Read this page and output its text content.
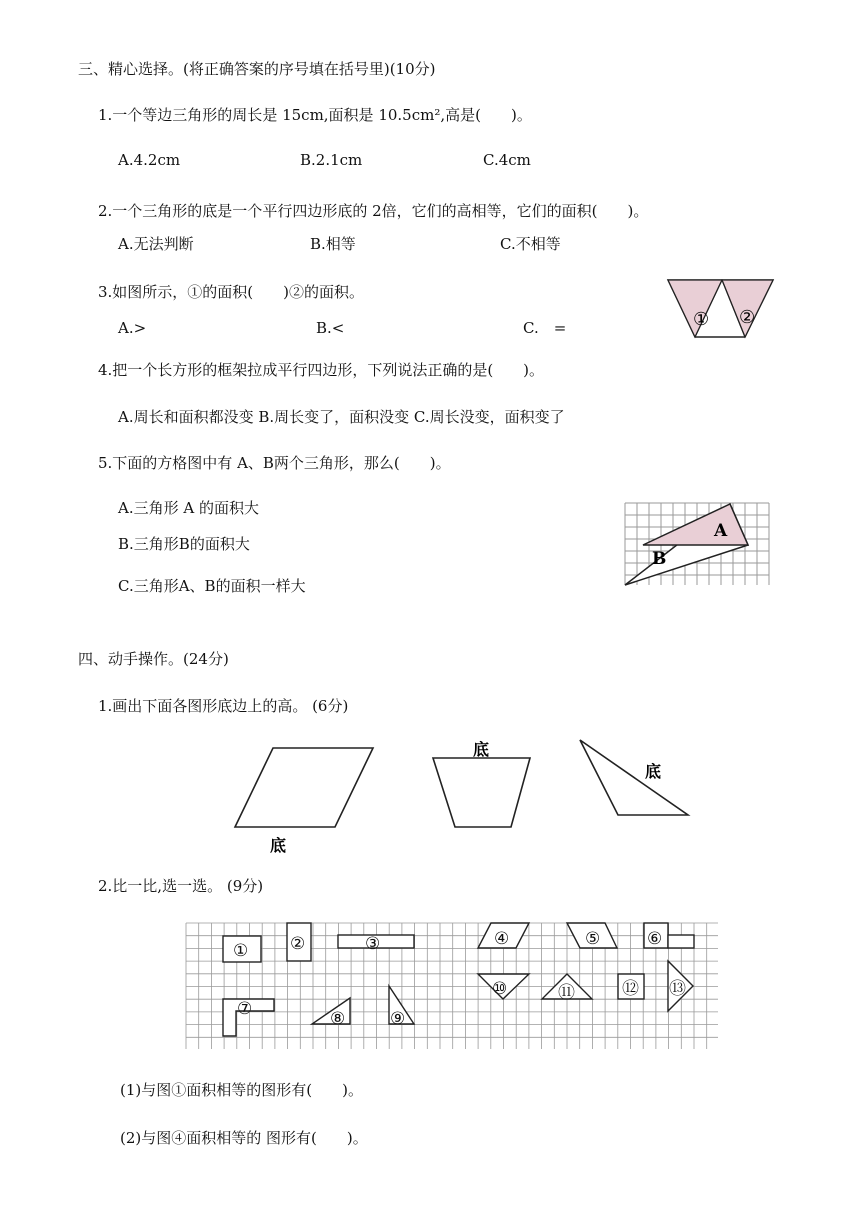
三、精心选择。(将正确答案的序号填在括号里)(10分)
1.一个等边三角形的周长是 15cm,面积是 10.5cm²,高是(　　)。
A.4.2cm	B.2.1cm	C.4cm
2.一个三角形的底是一个平行四边形底的 2倍，它们的高相等，它们的面积(　　)。
A.无法判断	B.相等	C.不相等
3.如图所示，①的面积(　　)②的面积。
A.>	B.<	C.　=	① ②
4.把一个长方形的框架拉成平行四边形，下列说法正确的是(　　)。
A.周长和面积都没变 B.周长变了，面积没变 C.周长没变，面积变了
5.下面的方格图中有 A、B两个三角形，那么(　　)。
A.三角形 A 的面积大
B.三角形B的面积大
C.三角形A、B的面积一样大
A
B
四、动手操作。(24分)
1.画出下面各图形底边上的高。 (6分)
底
底
底
2.比一比,选一选。 (9分)
① ②	③	④	⑤	⑥
⑦	⑧	⑨
⑩	⑪	⑫ ⑬
(1)与图①面积相等的图形有(　　)。
(2)与图④面积相等的 图形有(　　)。
